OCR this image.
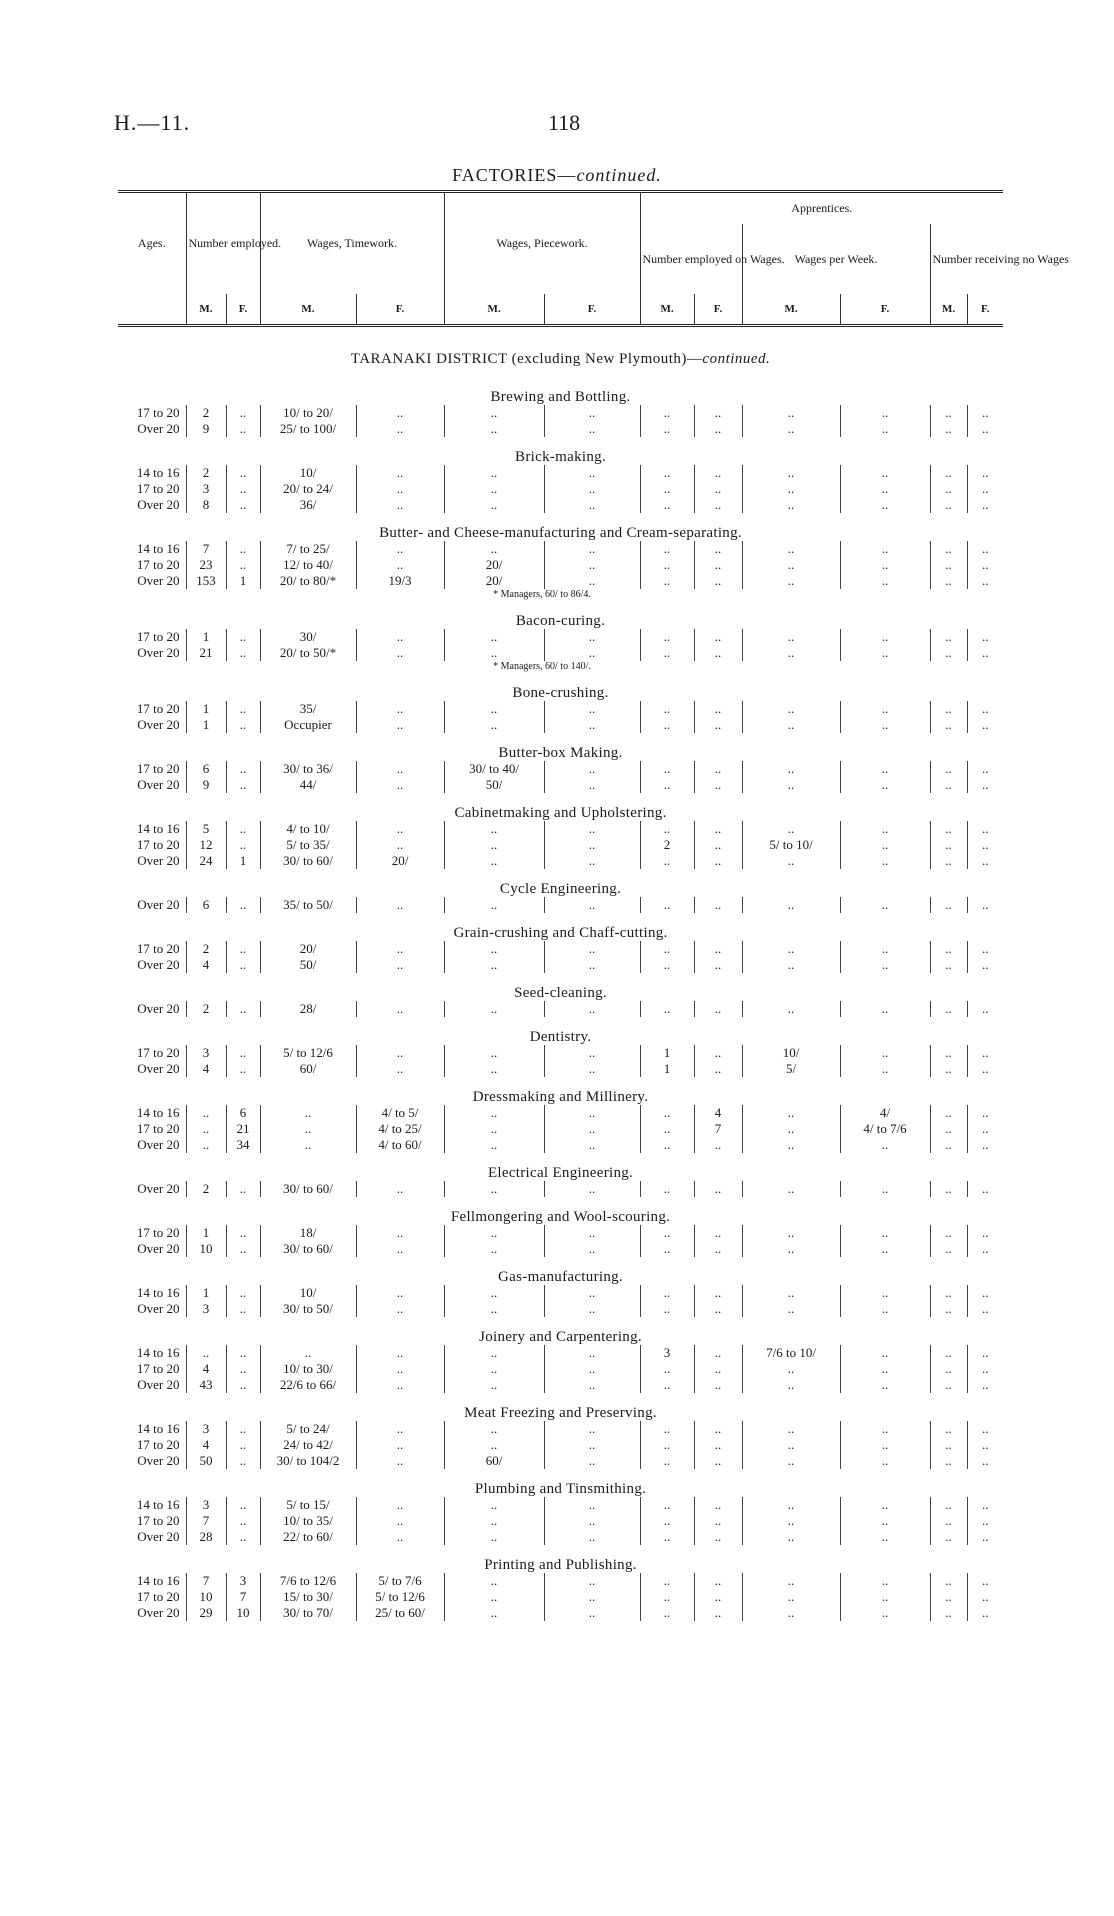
H.—11.	118
FACTORIES—continued.
Ages.	Number employed.		Wages, Timework.		Wages, Piecework.		Apprentices.					
							Number employed on Wages.		Wages per Week.		Number receiving no Wages	
	M.	F.	M.	F.	M.	F.	M.	F.	M.	F.	M.	F.
TARANAKI DISTRICT (excluding New Plymouth)—continued.												
Brewing and Bottling.												
17 to 20	2	..	10/ to 20/	..	..	..	..	..	..	..	..	..
Over 20	9	..	25/ to 100/	..	..	..	..	..	..	..	..	..
Brick-making.												
14 to 16	2	..	10/	..	..	..	..	..	..	..	..	..
17 to 20	3	..	20/ to 24/	..	..	..	..	..	..	..	..	..
Over 20	8	..	36/	..	..	..	..	..	..	..	..	..
Butter- and Cheese-manufacturing and Cream-separating.												
14 to 16	7	..	7/ to 25/	..	..	..	..	..	..	..	..	..
17 to 20	23	..	12/ to 40/	..	20/	..	..	..	..	..	..	..
Over 20	153	1	20/ to 80/*	19/3	20/	..	..	..	..	..	..	..
					* Managers, 60/ to 86/4.							
Bacon-curing.												
17 to 20	1	..	30/	..	..	..	..	..	..	..	..	..
Over 20	21	..	20/ to 50/*	..	..	..	..	..	..	..	..	..
					* Managers, 60/ to 140/.							
Bone-crushing.												
17 to 20	1	..	35/	..	..	..	..	..	..	..	..	..
Over 20	1	..	Occupier	..	..	..	..	..	..	..	..	..
Butter-box Making.												
17 to 20	6	..	30/ to 36/	..	30/ to 40/	..	..	..	..	..	..	..
Over 20	9	..	44/	..	50/	..	..	..	..	..	..	..
Cabinetmaking and Upholstering.												
14 to 16	5	..	4/ to 10/	..	..	..	..	..	..	..	..	..
17 to 20	12	..	5/ to 35/	..	..	..	2	..	5/ to 10/	..	..	..
Over 20	24	1	30/ to 60/	20/	..	..	..	..	..	..	..	..
Cycle Engineering.												
Over 20	6	..	35/ to 50/	..	..	..	..	..	..	..	..	..
Grain-crushing and Chaff-cutting.												
17 to 20	2	..	20/	..	..	..	..	..	..	..	..	..
Over 20	4	..	50/	..	..	..	..	..	..	..	..	..
Seed-cleaning.												
Over 20	2	..	28/	..	..	..	..	..	..	..	..	..
Dentistry.												
17 to 20	3	..	5/ to 12/6	..	..	..	1	..	10/	..	..	..
Over 20	4	..	60/	..	..	..	1	..	5/	..	..	..
Dressmaking and Millinery.												
14 to 16	..	6	..	4/ to 5/	..	..	..	4	..	4/	..	..
17 to 20	..	21	..	4/ to 25/	..	..	..	7	..	4/ to 7/6	..	..
Over 20	..	34	..	4/ to 60/	..	..	..	..	..	..	..	..
Electrical Engineering.												
Over 20	2	..	30/ to 60/	..	..	..	..	..	..	..	..	..
Fellmongering and Wool-scouring.												
17 to 20	1	..	18/	..	..	..	..	..	..	..	..	..
Over 20	10	..	30/ to 60/	..	..	..	..	..	..	..	..	..
Gas-manufacturing.												
14 to 16	1	..	10/	..	..	..	..	..	..	..	..	..
Over 20	3	..	30/ to 50/	..	..	..	..	..	..	..	..	..
Joinery and Carpentering.												
14 to 16	..	..	..	..	..	..	3	..	7/6 to 10/	..	..	..
17 to 20	4	..	10/ to 30/	..	..	..	..	..	..	..	..	..
Over 20	43	..	22/6 to 66/	..	..	..	..	..	..	..	..	..
Meat Freezing and Preserving.												
14 to 16	3	..	5/ to 24/	..	..	..	..	..	..	..	..	..
17 to 20	4	..	24/ to 42/	..	..	..	..	..	..	..	..	..
Over 20	50	..	30/ to 104/2	..	60/	..	..	..	..	..	..	..
Plumbing and Tinsmithing.												
14 to 16	3	..	5/ to 15/	..	..	..	..	..	..	..	..	..
17 to 20	7	..	10/ to 35/	..	..	..	..	..	..	..	..	..
Over 20	28	..	22/ to 60/	..	..	..	..	..	..	..	..	..
Printing and Publishing.												
14 to 16	7	3	7/6 to 12/6	5/ to 7/6	..	..	..	..	..	..	..	..
17 to 20	10	7	15/ to 30/	5/ to 12/6	..	..	..	..	..	..	..	..
Over 20	29	10	30/ to 70/	25/ to 60/	..	..	..	..	..	..	..	..
